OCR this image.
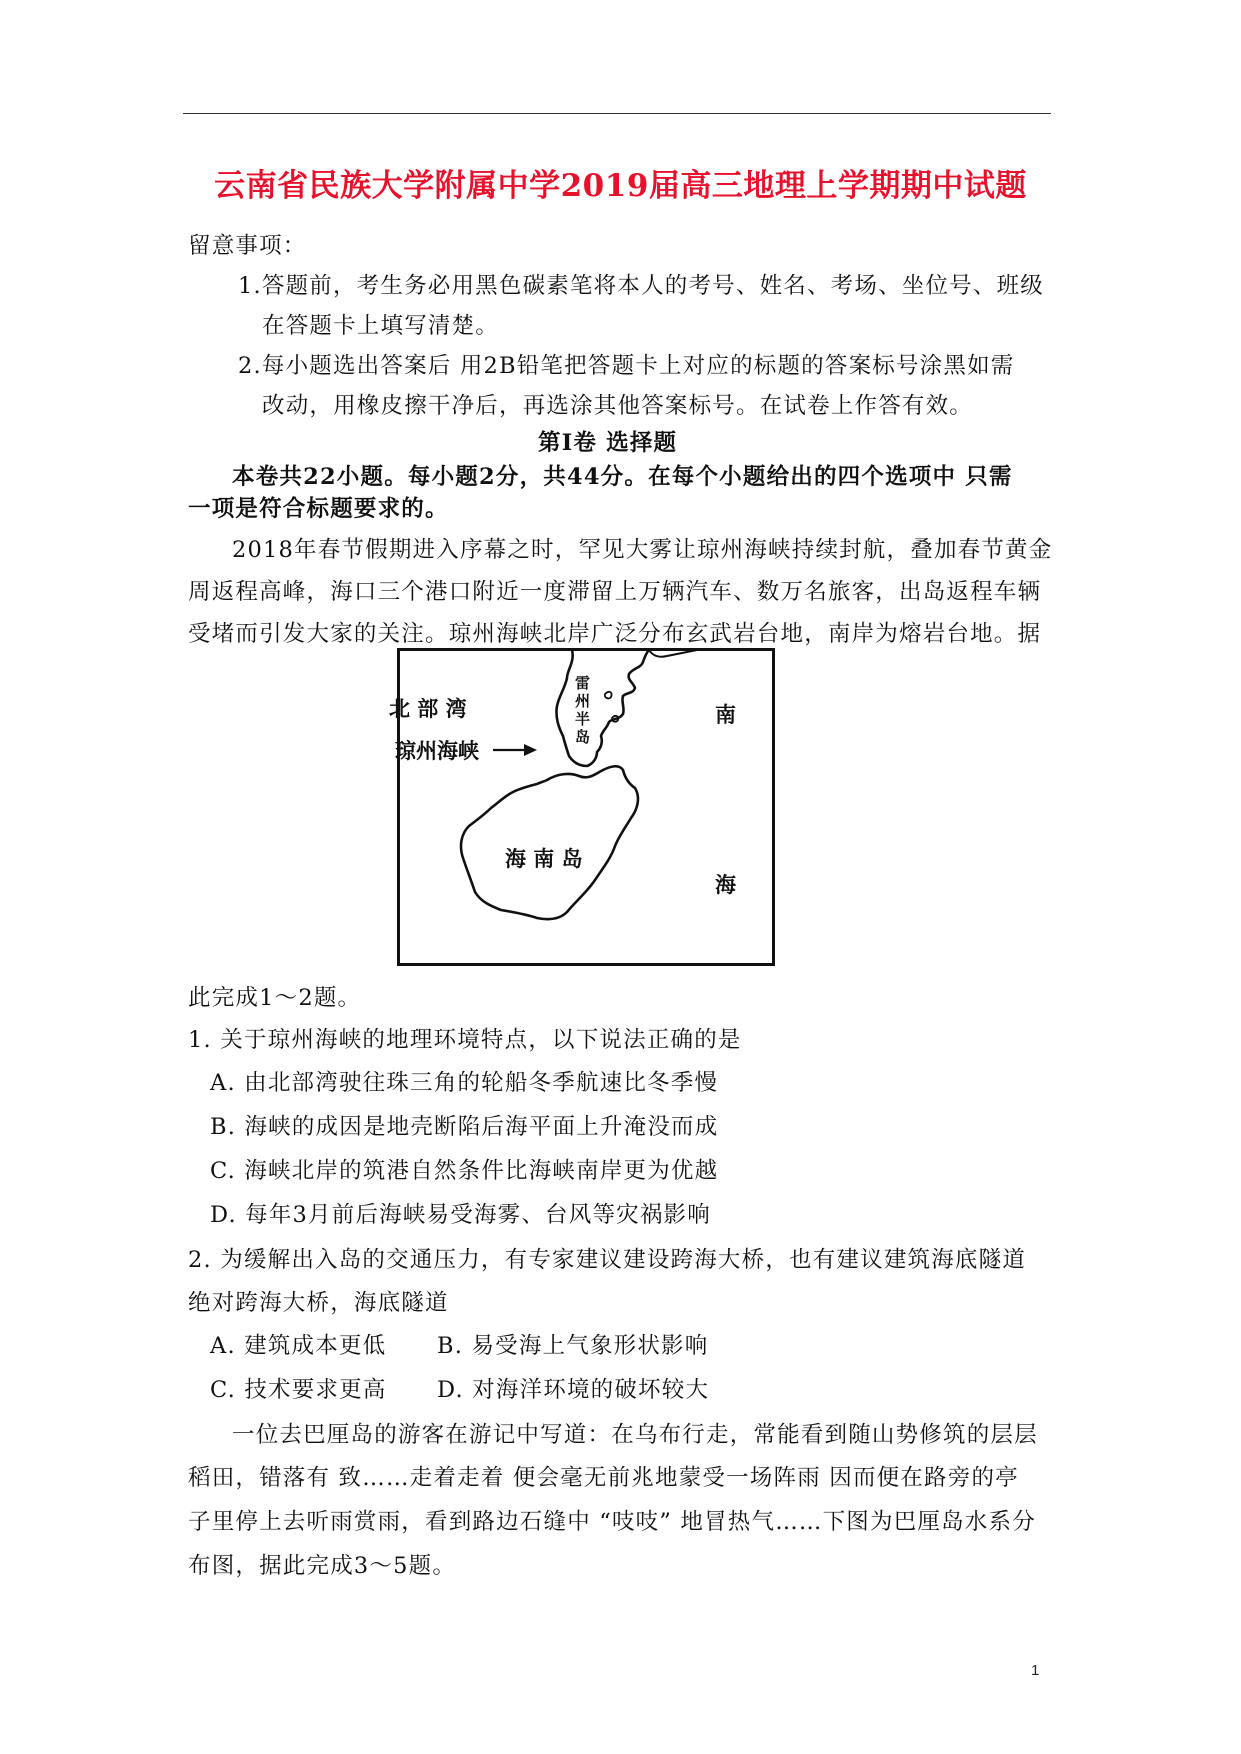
云南省民族大学附属中学2019届高三地理上学期期中试题
留意事项：
1.答题前，考生务必用黑色碳素笔将本人的考号、姓名、考场、坐位号、班级
在答题卡上填写清楚。
2.每小题选出答案后 用2B铅笔把答题卡上对应的标题的答案标号涂黑如需
改动，用橡皮擦干净后，再选涂其他答案标号。在试卷上作答有效。
第Ⅰ卷 选择题
本卷共22小题。每小题2分，共44分。在每个小题给出的四个选项中 只需
一项是符合标题要求的。
2018年春节假期进入序幕之时，罕见大雾让琼州海峡持续封航，叠加春节黄金
周返程高峰，海口三个港口附近一度滞留上万辆汽车、数万名旅客，出岛返程车辆
受堵而引发大家的关注。琼州海峡北岸广泛分布玄武岩台地，南岸为熔岩台地。据
北 部 湾
琼州海峡
雷
州
半
岛
海 南 岛
南
海
此完成1～2题。
1. 关于琼州海峡的地理环境特点，以下说法正确的是
A. 由北部湾驶往珠三角的轮船冬季航速比冬季慢
B. 海峡的成因是地壳断陷后海平面上升淹没而成
C. 海峡北岸的筑港自然条件比海峡南岸更为优越
D. 每年3月前后海峡易受海雾、台风等灾祸影响
2. 为缓解出入岛的交通压力，有专家建议建设跨海大桥，也有建议建筑海底隧道
绝对跨海大桥，海底隧道
A. 建筑成本更低 B. 易受海上气象形状影响
C. 技术要求更高 D. 对海洋环境的破坏较大
一位去巴厘岛的游客在游记中写道：在乌布行走，常能看到随山势修筑的层层
稻田，错落有 致……走着走着 便会毫无前兆地蒙受一场阵雨 因而便在路旁的亭
子里停上去听雨赏雨，看到路边石缝中 “吱吱” 地冒热气……下图为巴厘岛水系分
布图，据此完成3～5题。
1
